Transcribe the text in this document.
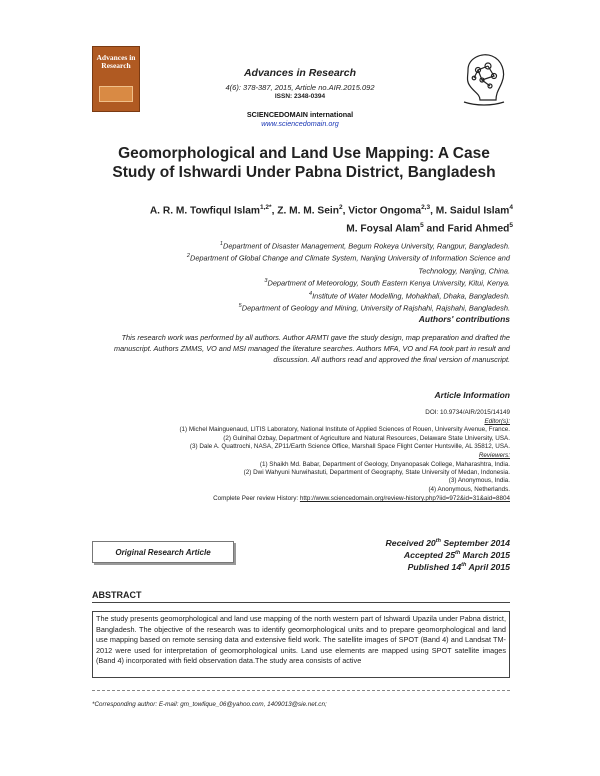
Advances in Research
Advances in Research
4(6): 378-387, 2015, Article no.AIR.2015.092
ISSN: 2348-0394
SCIENCEDOMAIN international
www.sciencedomain.org
Geomorphological and Land Use Mapping: A Case
Study of Ishwardi Under Pabna District, Bangladesh
A. R. M. Towfiqul Islam$^{1,2*}$, Z. M. M. Sein$^2$, Victor Ongoma$^{2,3}$, M. Saidul Islam$^4$
M. Foysal Alam$^5$ and Farid Ahmed$^5$
$^1$Department of Disaster Management, Begum Rokeya University, Rangpur, Bangladesh.
$^2$Department of Global Change and Climate System, Nanjing University of Information Science and
Technology, Nanjing, China.
$^3$Department of Meteorology, South Eastern Kenya University, Kitui, Kenya.
$^4$Institute of Water Modelling, Mohakhali, Dhaka, Bangladesh.
$^5$Department of Geology and Mining, University of Rajshahi, Rajshahi, Bangladesh.
Authors' contributions
This research work was performed by all authors. Author ARMTI gave the study design, map preparation and drafted the manuscript. Authors ZMMS, VO and MSI managed the literature searches. Authors MFA, VO and FA took part in result and discussion. All authors read and approved the final version of manuscript.
Article Information
DOI: 10.9734/AIR/2015/14149
Editor(s):
(1) Michel Mainguenaud, LITIS Laboratory, National Institute of Applied Sciences of Rouen, University Avenue, France.
(2) Gulnihal Ozbay, Department of Agriculture and Natural Resources, Delaware State University, USA.
(3) Dale A. Quattrochi, NASA, ZP11/Earth Science Office, Marshall Space Flight Center Huntsville, AL 35812, USA.
Reviewers:
(1) Shaikh Md. Babar, Department of Geology, Dnyanopasak College, Maharashtra, India.
(2) Dwi Wahyuni Nurwihastuti, Department of Geography, State University of Medan, Indonesia.
(3) Anonymous, India.
(4) Anonymous, Netherlands.
Complete Peer review History: http://www.sciencedomain.org/review-history.php?iid=972&id=31&aid=8804
Original Research Article
Received 20th September 2014
Accepted 25th March 2015
Published 14th April 2015
ABSTRACT
The study presents geomorphological and land use mapping of the north western part of Ishwardi Upazila under Pabna district, Bangladesh. The objective of the research was to identify geomorphological units and to prepare geomorphological and land use mapping based on remote sensing data and extensive field work. The satellite images of SPOT (Band 4) and Landsat TM-2012 were used for interpretation of geomorphological units. Land use elements are mapped using SPOT satellite images (Band 4) incorporated with field observation data.The study area consists of active
*Corresponding author: E-mail: gm_towfique_06@yahoo.com, 1409013@sie.net.cn;
